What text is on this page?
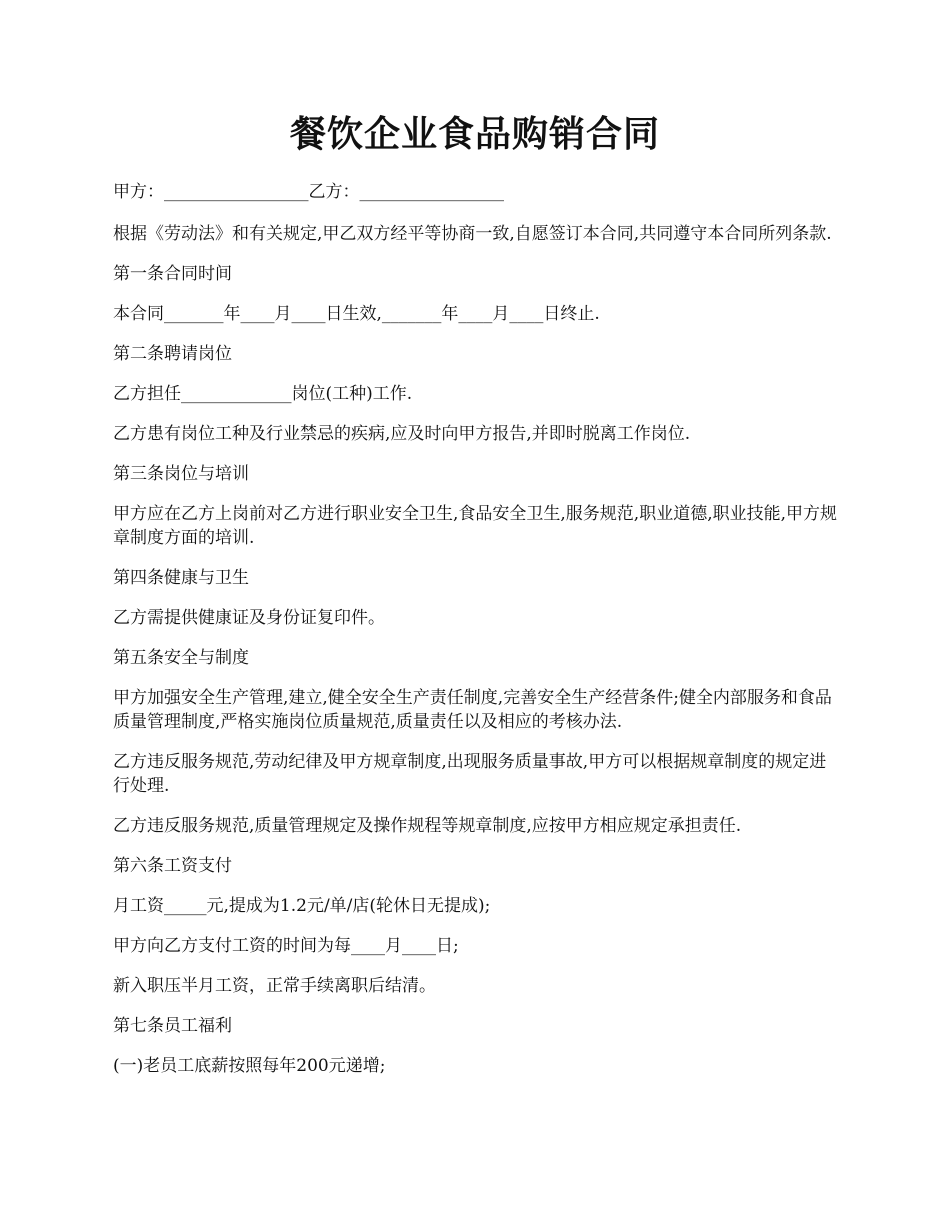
餐饮企业食品购销合同

甲方：_________________乙方：_________________

根据《劳动法》和有关规定,甲乙双方经平等协商一致,自愿签订本合同,共同遵守本合同所列条款.

第一条合同时间

本合同_______年____月____日生效,_______年____月____日终止.

第二条聘请岗位

乙方担任_____________岗位(工种)工作.

乙方患有岗位工种及行业禁忌的疾病,应及时向甲方报告,并即时脱离工作岗位.

第三条岗位与培训

甲方应在乙方上岗前对乙方进行职业安全卫生,食品安全卫生,服务规范,职业道德,职业技能,甲方规章制度方面的培训.

第四条健康与卫生

乙方需提供健康证及身份证复印件。

第五条安全与制度

甲方加强安全生产管理,建立,健全安全生产责任制度,完善安全生产经营条件;健全内部服务和食品质量管理制度,严格实施岗位质量规范,质量责任以及相应的考核办法.

乙方违反服务规范,劳动纪律及甲方规章制度,出现服务质量事故,甲方可以根据规章制度的规定进行处理.

乙方违反服务规范,质量管理规定及操作规程等规章制度,应按甲方相应规定承担责任.

第六条工资支付

月工资_____元,提成为1.2元/单/店(轮休日无提成);

甲方向乙方支付工资的时间为每____月____日;

新入职压半月工资，正常手续离职后结清。

第七条员工福利

(一)老员工底薪按照每年200元递增;
